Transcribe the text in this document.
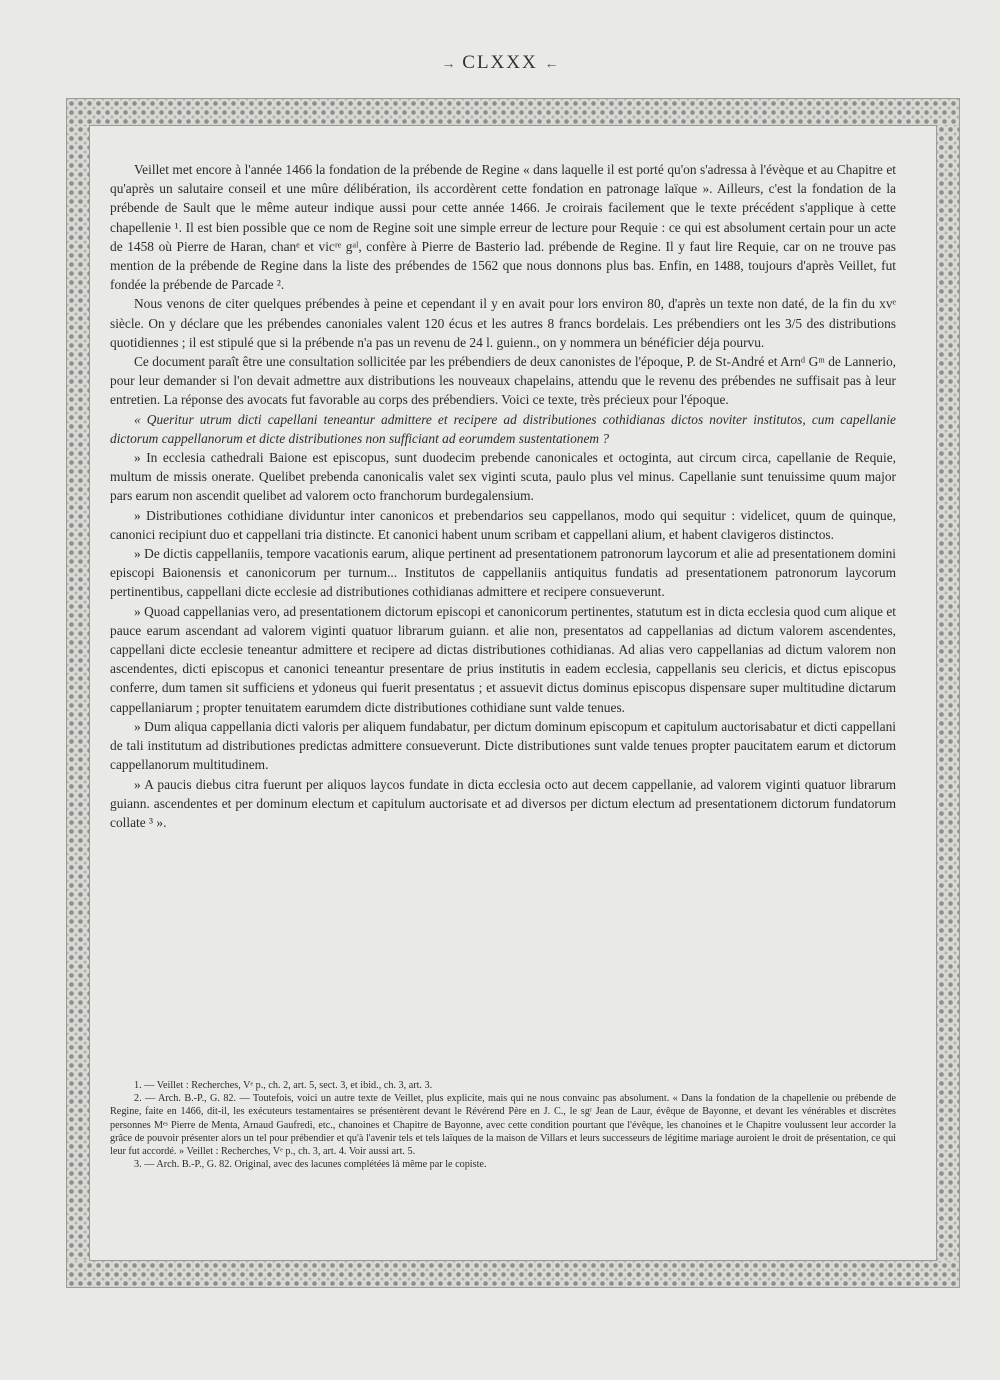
→ CLXXX ←

Veillet met encore à l'année 1466 la fondation de la prébende de Regine « dans laquelle il est porté qu'on s'adressa à l'évèque et au Chapitre et qu'après un salutaire conseil et une mûre délibération, ils accordèrent cette fondation en patronage laïque ». Ailleurs, c'est la fondation de la prébende de Sault que le même auteur indique aussi pour cette année 1466. Je croirais facilement que le texte précédent s'applique à cette chapellenie ¹. Il est bien possible que ce nom de Regine soit une simple erreur de lecture pour Requie : ce qui est absolument certain pour un acte de 1458 où Pierre de Haran, chanᵉ et vicʳᵉ gᵃˡ, confère à Pierre de Basterio lad. prébende de Regine. Il y faut lire Requie, car on ne trouve pas mention de la prébende de Regine dans la liste des prébendes de 1562 que nous donnons plus bas. Enfin, en 1488, toujours d'après Veillet, fut fondée la prébende de Parcade ².

Nous venons de citer quelques prébendes à peine et cependant il y en avait pour lors environ 80, d'après un texte non daté, de la fin du xvᵉ siècle. On y déclare que les prébendes canoniales valent 120 écus et les autres 8 francs bordelais. Les prébendiers ont les 3/5 des distributions quotidiennes ; il est stipulé que si la prébende n'a pas un revenu de 24 l. guienn., on y nommera un bénéficier déja pourvu.

Ce document paraît être une consultation sollicitée par les prébendiers de deux canonistes de l'époque, P. de St-André et Arnᵈ Gᵐ de Lannerio, pour leur demander si l'on devait admettre aux distributions les nouveaux chapelains, attendu que le revenu des prébendes ne suffisait pas à leur entretien. La réponse des avocats fut favorable au corps des prébendiers. Voici ce texte, très précieux pour l'époque.

« Queritur utrum dicti capellani teneantur admittere et recipere ad distributiones cothidianas dictos noviter institutos, cum capellanie dictorum cappellanorum et dicte distributiones non sufficiant ad eorumdem sustentationem ?

» In ecclesia cathedrali Baione est episcopus, sunt duodecim prebende canonicales et octoginta, aut circum circa, capellanie de Requie, multum de missis onerate. Quelibet prebenda canonicalis valet sex viginti scuta, paulo plus vel minus. Capellanie sunt tenuissime quum major pars earum non ascendit quelibet ad valorem octo franchorum burdegalensium.

» Distributiones cothidiane dividuntur inter canonicos et prebendarios seu cappellanos, modo qui sequitur : videlicet, quum de quinque, canonici recipiunt duo et cappellani tria distincte. Et canonici habent unum scribam et cappellani alium, et habent clavigeros distinctos.

» De dictis cappellaniis, tempore vacationis earum, alique pertinent ad presentationem patronorum laycorum et alie ad presentationem domini episcopi Baionensis et canonicorum per turnum... Institutos de cappellaniis antiquitus fundatis ad presentationem patronorum laycorum pertinentibus, cappellani dicte ecclesie ad distributiones cothidianas admittere et recipere consueverunt.

» Quoad cappellanias vero, ad presentationem dictorum episcopi et canonicorum pertinentes, statutum est in dicta ecclesia quod cum alique et pauce earum ascendant ad valorem viginti quatuor librarum guiann. et alie non, presentatos ad cappellanias ad dictum valorem ascendentes, cappellani dicte ecclesie teneantur admittere et recipere ad dictas distributiones cothidianas. Ad alias vero cappellanias ad dictum valorem non ascendentes, dicti episcopus et canonici teneantur presentare de prius institutis in eadem ecclesia, cappellanis seu clericis, et dictus episcopus conferre, dum tamen sit sufficiens et ydoneus qui fuerit presentatus ; et assuevit dictus dominus episcopus dispensare super multitudine dictarum cappellaniarum ; propter tenuitatem earumdem dicte distributiones cothidiane sunt valde tenues.

» Dum aliqua cappellania dicti valoris per aliquem fundabatur, per dictum dominum episcopum et capitulum auctorisabatur et dicti cappellani de tali institutum ad distributiones predictas admittere consueverunt. Dicte distributiones sunt valde tenues propter paucitatem earum et dictorum cappellanorum multitudinem.

» A paucis diebus citra fuerunt per aliquos laycos fundate in dicta ecclesia octo aut decem cappellanie, ad valorem viginti quatuor librarum guiann. ascendentes et per dominum electum et capitulum auctorisate et ad diversos per dictum electum ad presentationem dictorum fundatorum collate ³ ».

1. — Veillet : Recherches, Vᵉ p., ch. 2, art. 5, sect. 3, et ibid., ch. 3, art. 3.

2. — Arch. B.-P., G. 82. — Toutefois, voici un autre texte de Veillet, plus explicite, mais qui ne nous convainc pas absolument. « Dans la fondation de la chapellenie ou prébende de Regine, faite en 1466, dit-il, les exécuteurs testamentaires se présentèrent devant le Révérend Père en J. C., le sgʳ Jean de Laur, évêque de Bayonne, et devant les vénérables et discrètes personnes Mᵉˢ Pierre de Menta, Arnaud Gaufredi, etc., chanoines et Chapitre de Bayonne, avec cette condition pourtant que l'évêque, les chanoines et le Chapitre voulussent leur accorder la grâce de pouvoir présenter alors un tel pour prébendier et qu'à l'avenir tels et tels laïques de la maison de Villars et leurs successeurs de légitime mariage auroient le droit de présentation, ce qui leur fut accordé. » Veillet : Recherches, Vᵉ p., ch. 3, art. 4. Voir aussi art. 5.

3. — Arch. B.-P., G. 82. Original, avec des lacunes complétées là même par le copiste.
